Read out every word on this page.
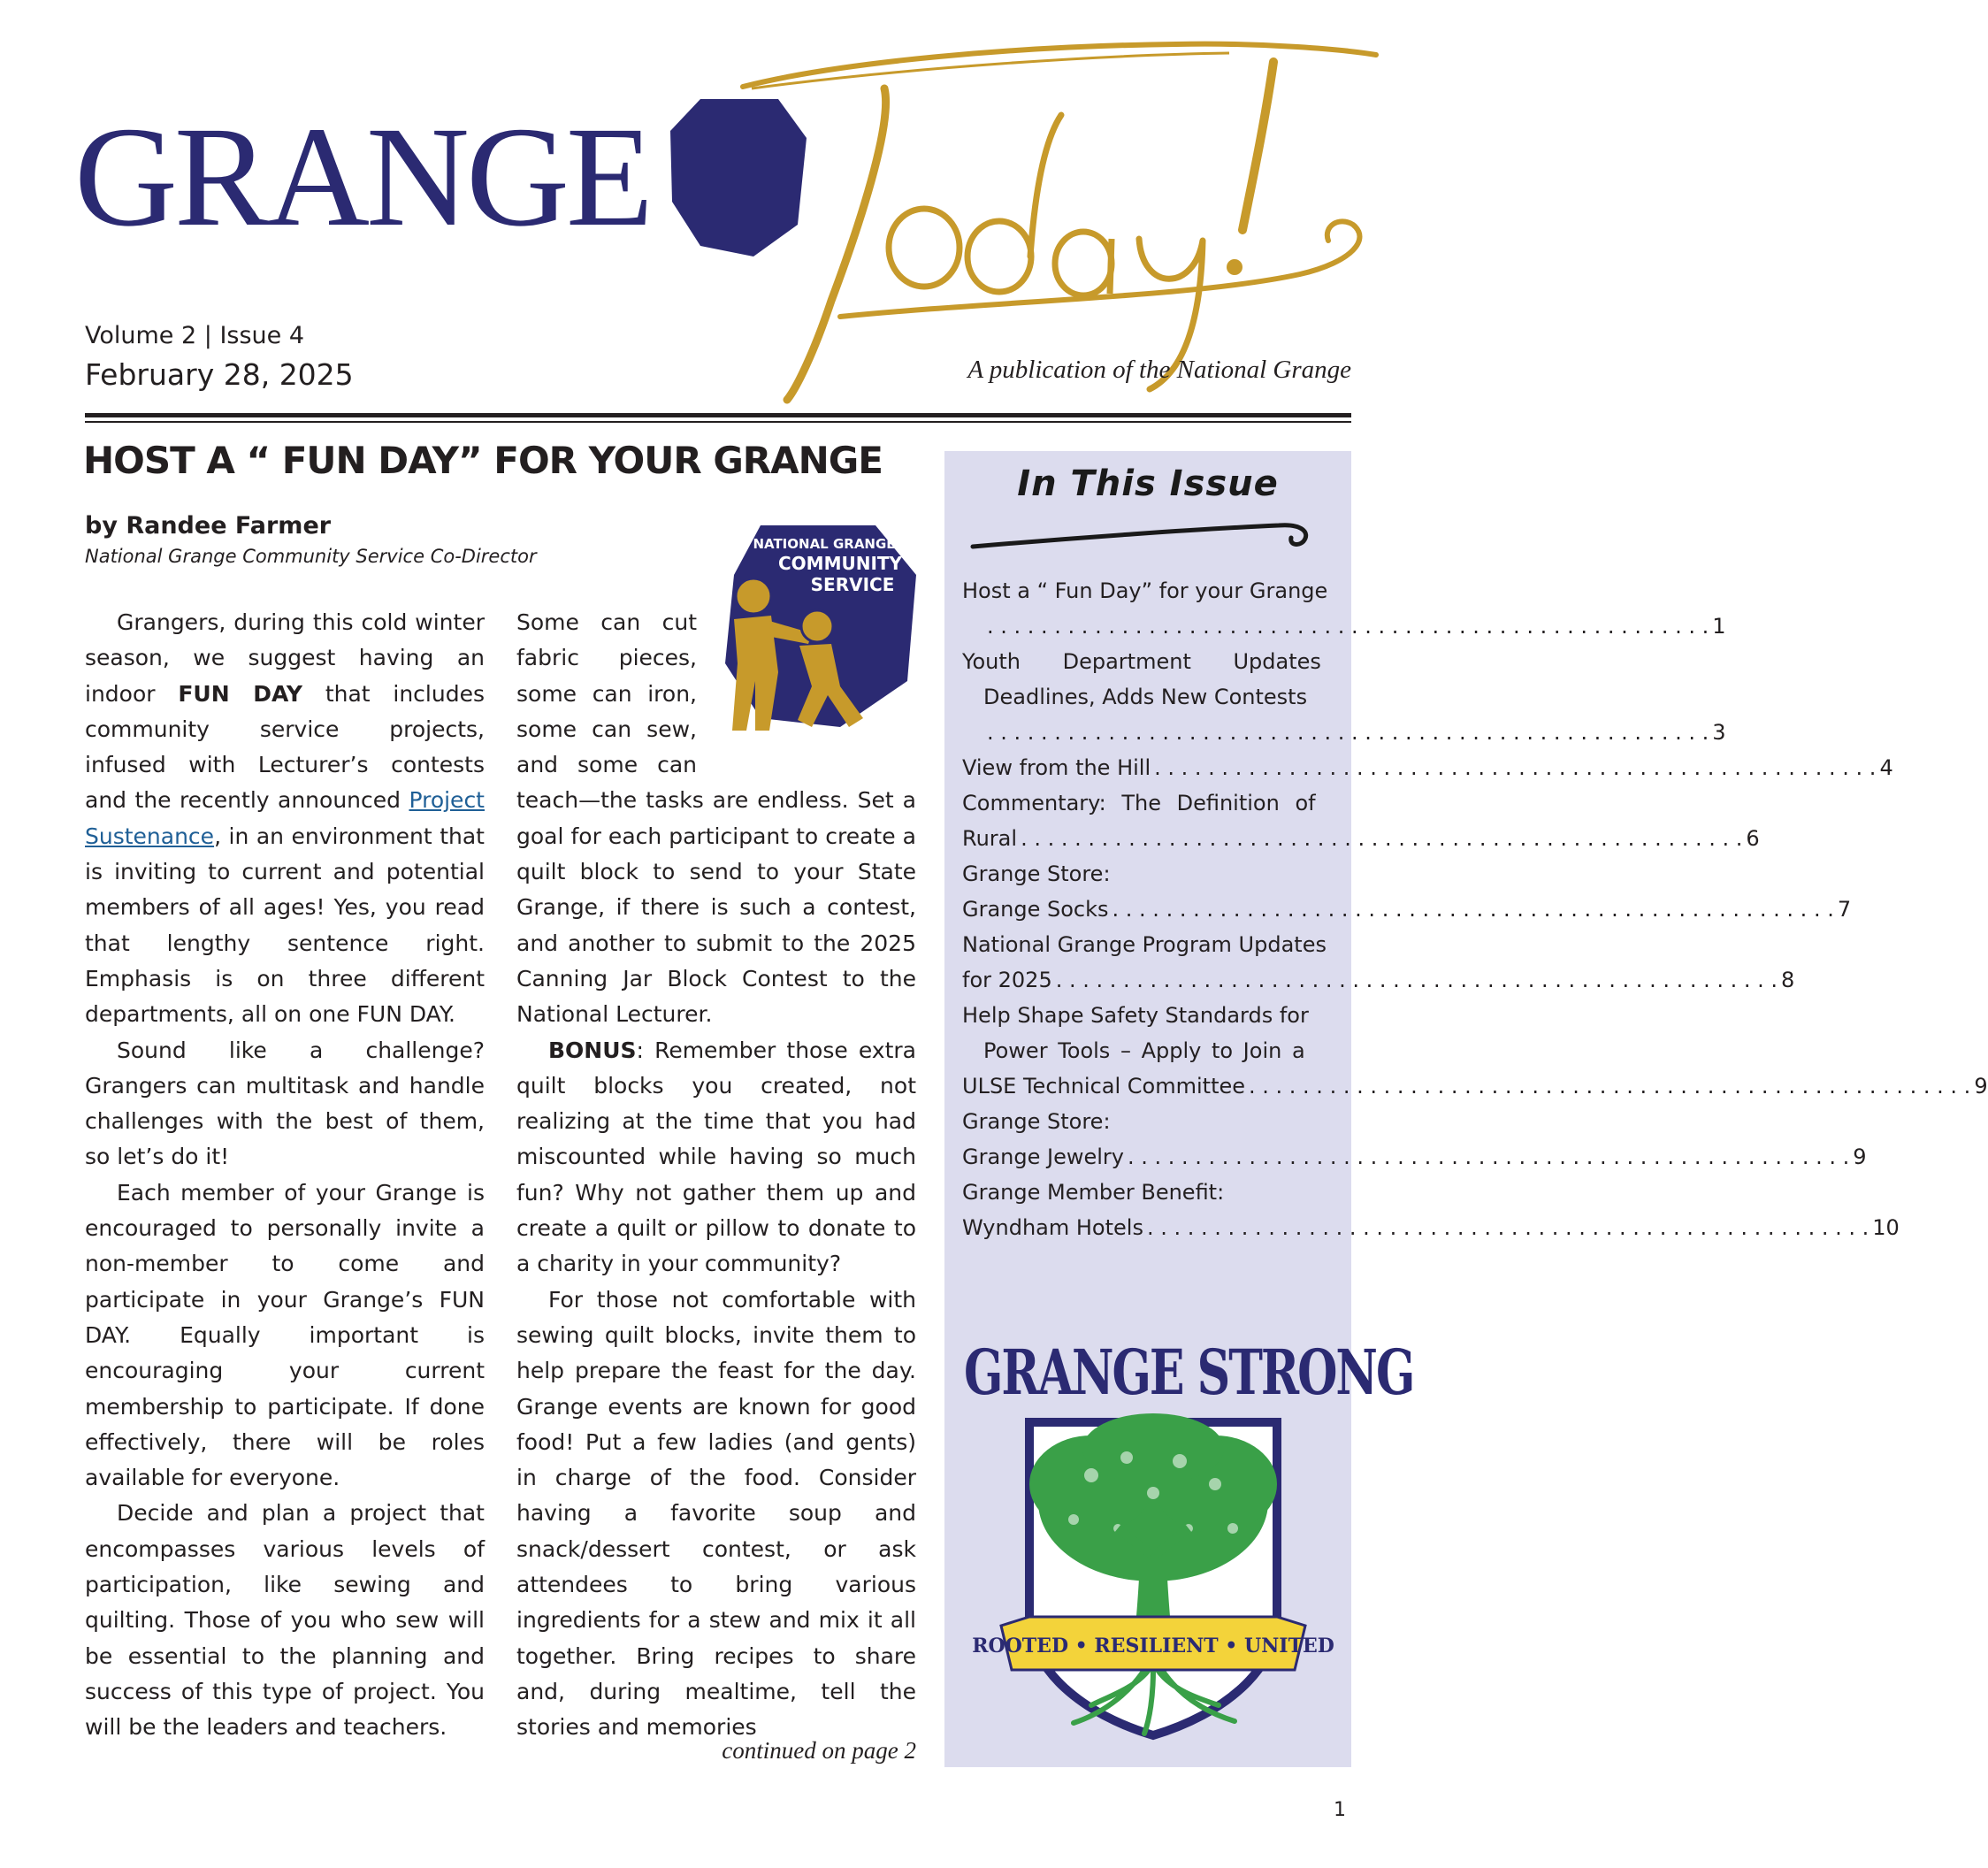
GRANGE
Volume 2 | Issue 4
February 28, 2025	A publication of the National Grange
HOST A “ FUN DAY” FOR YOUR GRANGE
by Randee Farmer
National Grange Community Service Co-Director
NATIONAL GRANGE
COMMUNITY
SERVICE

Grangers, during this cold winter season, we suggest having an indoor FUN DAY that includes community service projects, infused with Lecturer’s contests and the recently announced Project Sustenance, in an environment that is inviting to current and potential members of all ages! Yes, you read that lengthy sentence right. Emphasis is on three different departments, all on one FUN DAY.

Sound like a challenge? Grangers can multitask and handle challenges with the best of them, so let’s do it!

Each member of your Grange is encouraged to personally invite a non-member to come and participate in your Grange’s FUN DAY. Equally important is encouraging your current membership to participate. If done effectively, there will be roles available for everyone.

Decide and plan a project that encompasses various levels of participation, like sewing and quilting. Those of you who sew will be essential to the planning and success of this type of project. You will be the leaders and teachers.

Some can cut fabric pieces, some can iron, some can sew, and some can teach—the tasks are endless. Set a goal for each participant to create a quilt block to send to your State Grange, if there is such a contest, and another to submit to the 2025 Canning Jar Block Contest to the National Lecturer.

BONUS: Remember those extra quilt blocks you created, not realizing at the time that you had miscounted while having so much fun? Why not gather them up and create a quilt or pillow to donate to a charity in your community?

For those not comfortable with sewing quilt blocks, invite them to help prepare the feast for the day. Grange events are known for good food! Put a few ladies (and gents) in charge of the food. Consider having a favorite soup and snack/dessert contest, or ask attendees to bring various ingredients for a stew and mix it all together. Bring recipes to share and, during mealtime, tell the stories and memories

continued on page 2
In This Issue
Host a “ Fun Day” for your Grange
. . .
1
Youth Department Updates
Deadlines, Adds New Contests
. . .
3
View from the Hill . . .	4
Commentary: The Definition of
Rural . . .	6
Grange Store:
Grange Socks . . .	7
National Grange Program Updates
for 2025 . . .	8
Help Shape Safety Standards for
Power Tools – Apply to Join a
ULSE Technical Committee . . .	9
Grange Store:
Grange Jewelry . . .	9
Grange Member Benefit:
Wyndham Hotels . . .	10
GRANGE STRONG
ROOTED • RESILIENT • UNITED
1
